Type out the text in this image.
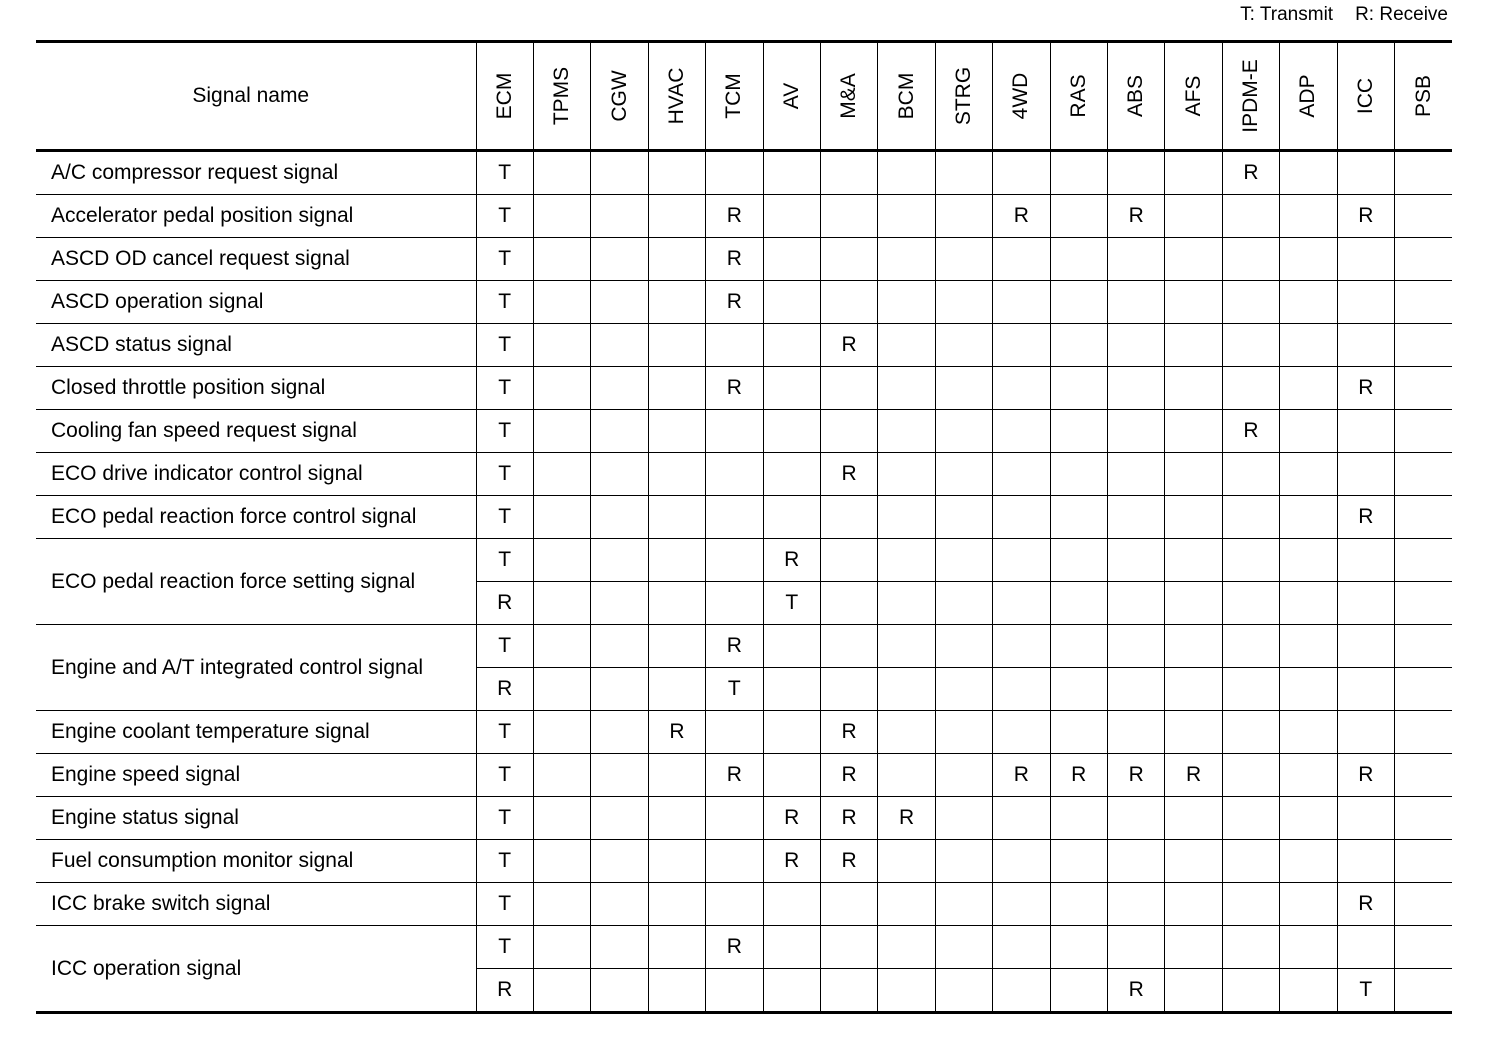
T: Transmit R: Receive
Signal name	ECM	TPMS	CGW	HVAC	TCM	AV	M&A	BCM	STRG	4WD	RAS	ABS	AFS	IPDM-E	ADP	ICC	PSB

A/C compressor request signal	T													R			
Accelerator pedal position signal	T				R					R		R				R	
ASCD OD cancel request signal	T				R												
ASCD operation signal	T				R												
ASCD status signal	T						R										
Closed throttle position signal	T				R											R	
Cooling fan speed request signal	T													R			
ECO drive indicator control signal	T						R										
ECO pedal reaction force control signal	T															R	
ECO pedal reaction force setting signal	T					R											
	R					T											
Engine and A/T integrated control signal	T				R												
	R				T												
Engine coolant temperature signal	T			R			R										
Engine speed signal	T				R		R			R	R	R	R			R	
Engine status signal	T					R	R	R									
Fuel consumption monitor signal	T					R	R										
ICC brake switch signal	T															R	
ICC operation signal	T				R												
	R											R				T	
